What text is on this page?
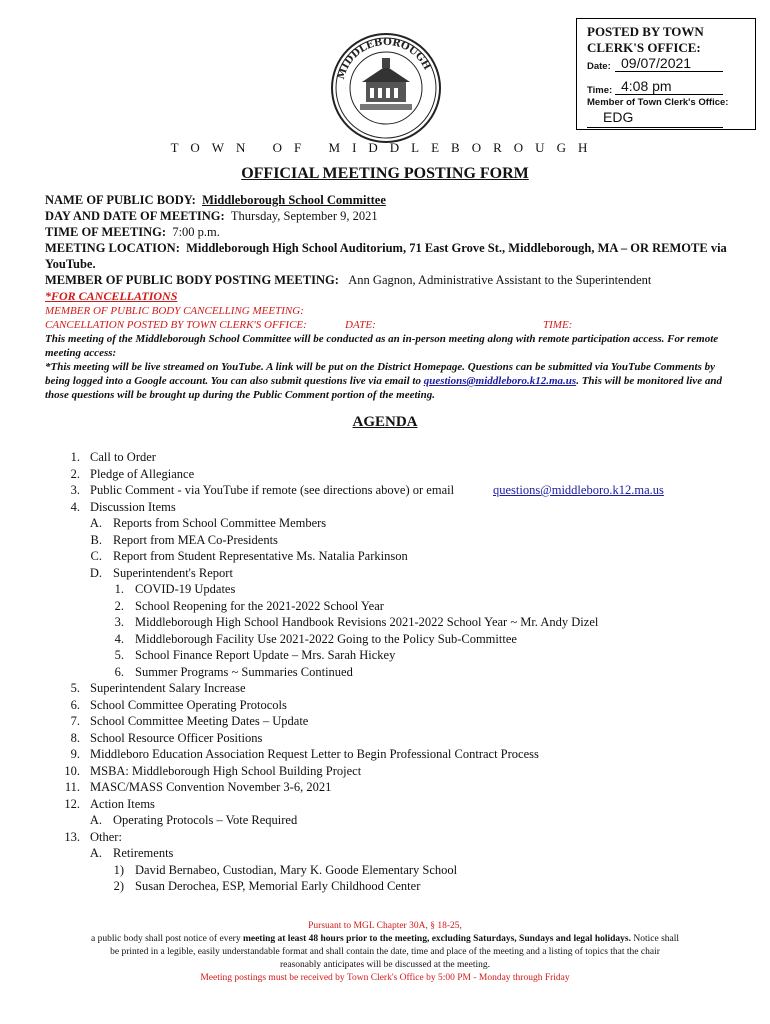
MIDDLEBOROUGH
POSTED BY TOWN CLERK'S OFFICE:
Date: 09/07/2021
Time: 4:08 pm
Member of Town Clerk's Office:
EDG
TOWN OF MIDDLEBOROUGH
OFFICIAL MEETING POSTING FORM
NAME OF PUBLIC BODY: Middleborough School Committee
DAY AND DATE OF MEETING: Thursday, September 9, 2021
TIME OF MEETING: 7:00 p.m.
MEETING LOCATION: Middleborough High School Auditorium, 71 East Grove St., Middleborough, MA – OR REMOTE via YouTube.
MEMBER OF PUBLIC BODY POSTING MEETING: Ann Gagnon, Administrative Assistant to the Superintendent
*FOR CANCELLATIONS
MEMBER OF PUBLIC BODY CANCELLING MEETING:
CANCELLATION POSTED BY TOWN CLERK'S OFFICE:	DATE:	TIME:
This meeting of the Middleborough School Committee will be conducted as an in-person meeting along with remote participation access. For remote meeting access:
*This meeting will be live streamed on YouTube. A link will be put on the District Homepage. Questions can be submitted via YouTube Comments by being logged into a Google account. You can also submit questions live via email to questions@middleboro.k12.ma.us. This will be monitored live and those questions will be brought up during the Public Comment portion of the meeting.
AGENDA
1. Call to Order
2. Pledge of Allegiance
3. Public Comment - via YouTube if remote (see directions above) or email	questions@middleboro.k12.ma.us
4. Discussion Items
A. Reports from School Committee Members
B. Report from MEA Co-Presidents
C. Report from Student Representative Ms. Natalia Parkinson
D. Superintendent's Report
1. COVID-19 Updates
2. School Reopening for the 2021-2022 School Year
3. Middleborough High School Handbook Revisions 2021-2022 School Year ~ Mr. Andy Dizel
4. Middleborough Facility Use 2021-2022 Going to the Policy Sub-Committee
5. School Finance Report Update – Mrs. Sarah Hickey
6. Summer Programs ~ Summaries Continued
5. Superintendent Salary Increase
6. School Committee Operating Protocols
7. School Committee Meeting Dates – Update
8. School Resource Officer Positions
9. Middleboro Education Association Request Letter to Begin Professional Contract Process
10. MSBA: Middleborough High School Building Project
11. MASC/MASS Convention November 3-6, 2021
12. Action Items
A. Operating Protocols – Vote Required
13. Other:
A. Retirements
1) David Bernabeo, Custodian, Mary K. Goode Elementary School
2) Susan Derochea, ESP, Memorial Early Childhood Center
Pursuant to MGL Chapter 30A, § 18-25,
a public body shall post notice of every meeting at least 48 hours prior to the meeting, excluding Saturdays, Sundays and legal holidays. Notice shall
be printed in a legible, easily understandable format and shall contain the date, time and place of the meeting and a listing of topics that the chair
reasonably anticipates will be discussed at the meeting.
Meeting postings must be received by Town Clerk's Office by 5:00 PM - Monday through Friday
